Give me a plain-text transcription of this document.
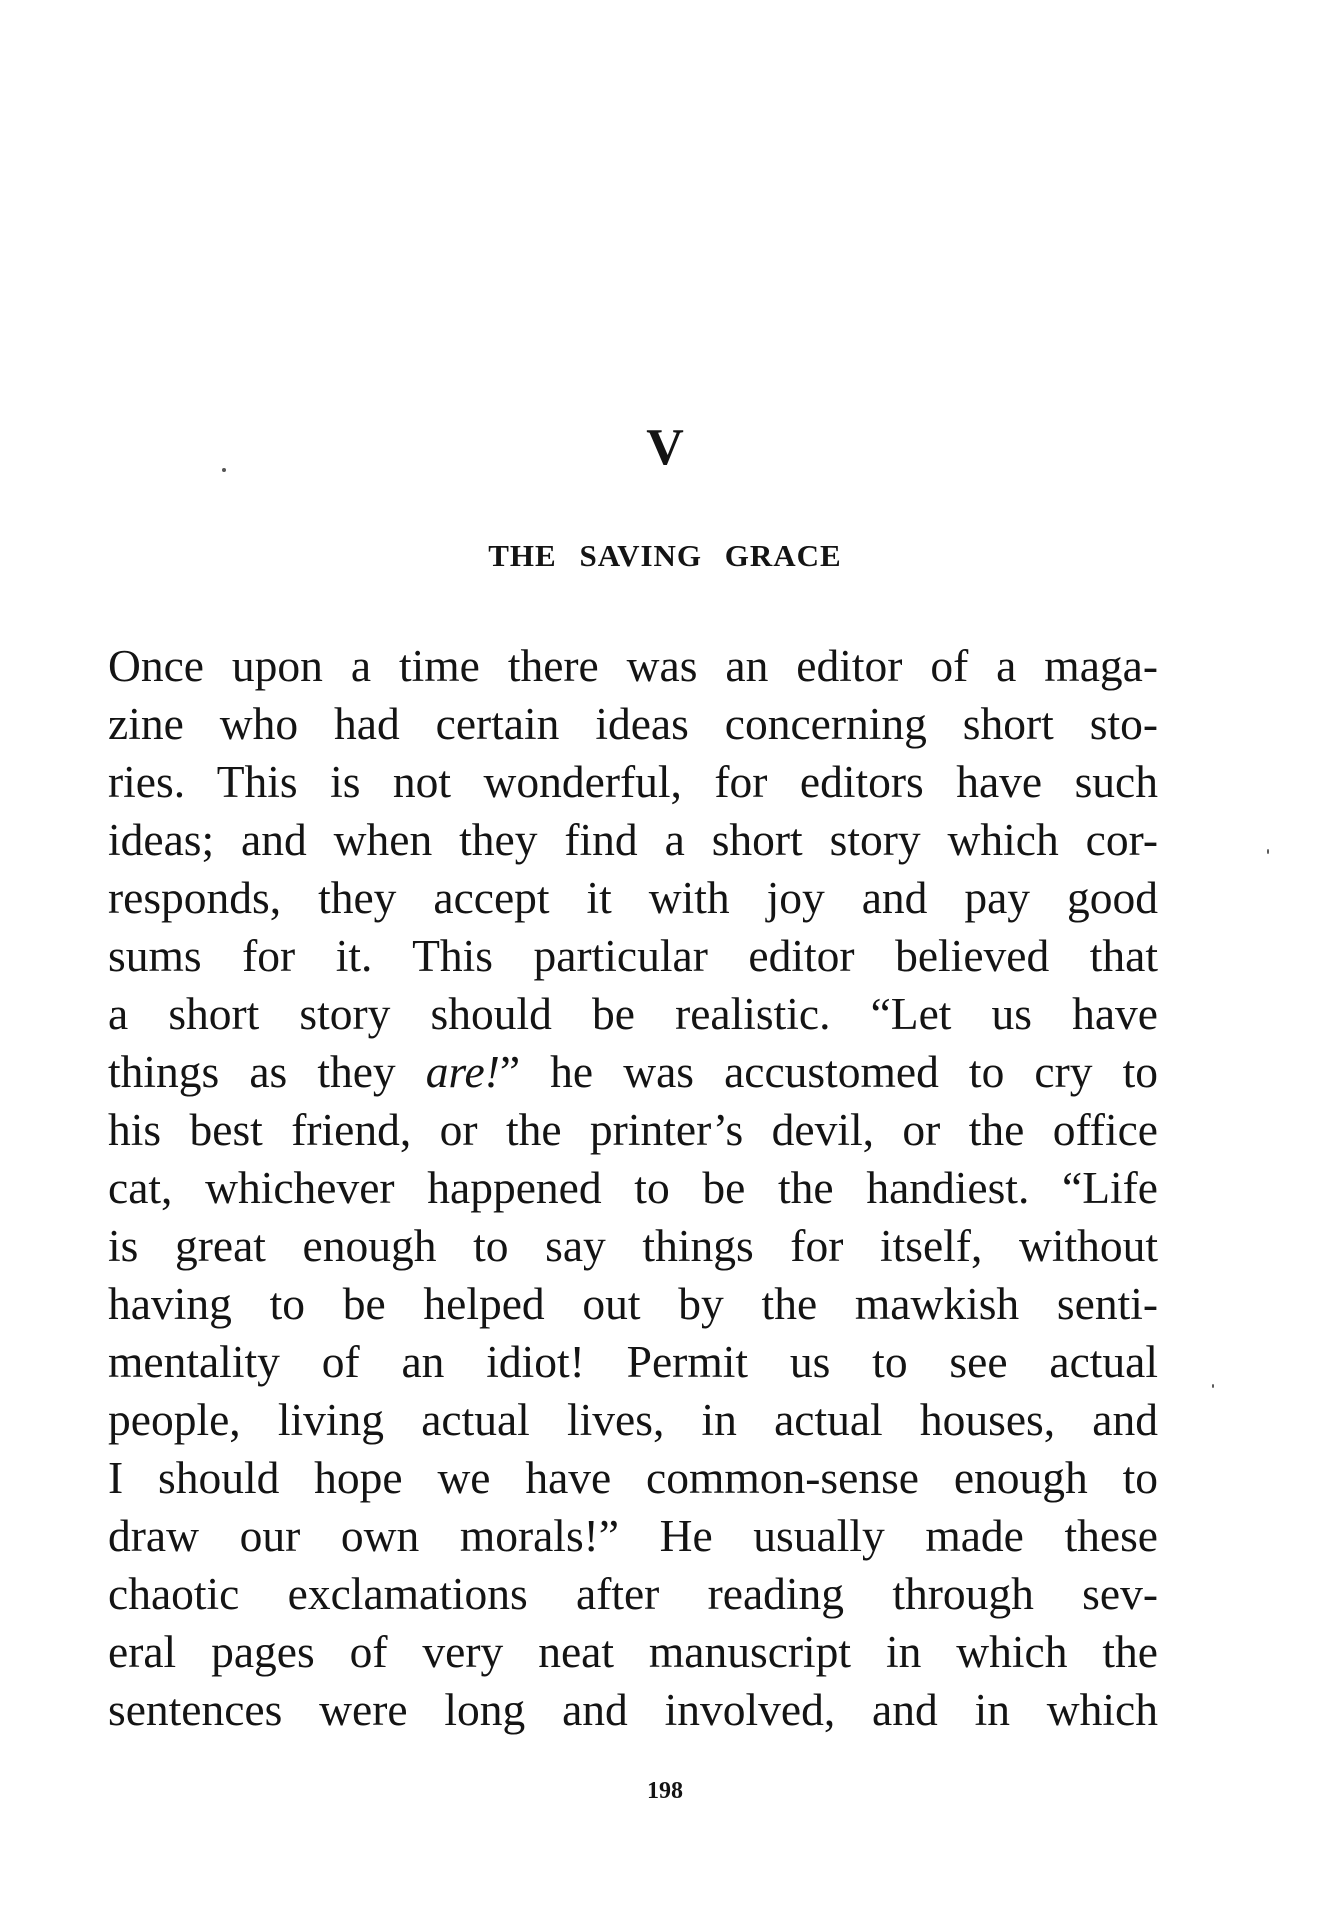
V
THE SAVING GRACE
Once upon a time there was an editor of a maga-
zine who had certain ideas concerning short sto-
ries. This is not wonderful, for editors have such
ideas; and when they find a short story which cor-
responds, they accept it with joy and pay good
sums for it. This particular editor believed that
a short story should be realistic. “Let us have
things as they are!” he was accustomed to cry to
his best friend, or the printer’s devil, or the office
cat, whichever happened to be the handiest. “Life
is great enough to say things for itself, without
having to be helped out by the mawkish senti-
mentality of an idiot! Permit us to see actual
people, living actual lives, in actual houses, and
I should hope we have common-sense enough to
draw our own morals!” He usually made these
chaotic exclamations after reading through sev-
eral pages of very neat manuscript in which the
sentences were long and involved, and in which
198
